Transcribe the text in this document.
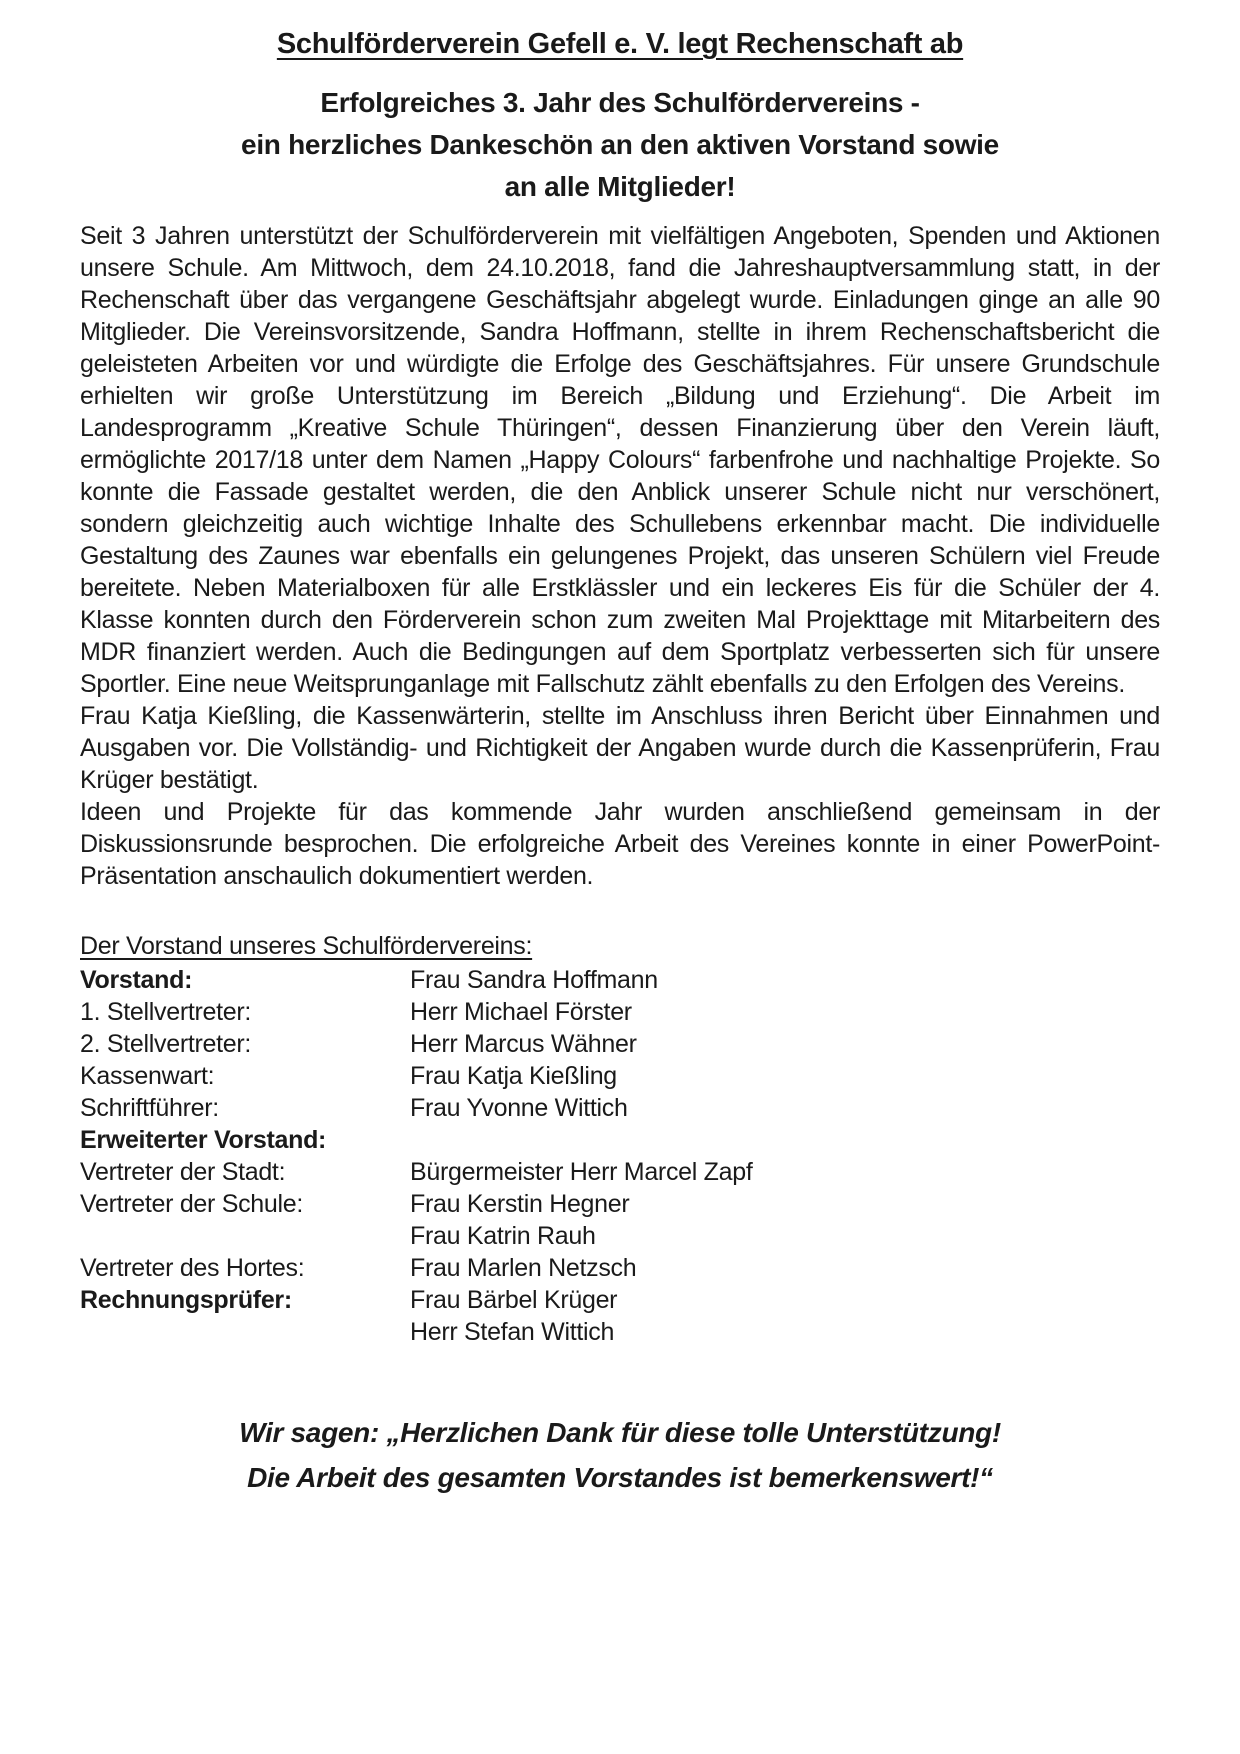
Schulförderverein Gefell e. V. legt Rechenschaft ab
Erfolgreiches 3. Jahr des Schulfördervereins -
ein herzliches Dankeschön an den aktiven Vorstand sowie
an alle Mitglieder!

Seit 3 Jahren unterstützt der Schulförderverein mit vielfältigen Angeboten, Spenden und Aktionen unsere Schule. Am Mittwoch, dem 24.10.2018, fand die Jahreshauptversammlung statt, in der Rechenschaft über das vergangene Geschäftsjahr abgelegt wurde. Einladungen ginge an alle 90 Mitglieder. Die Vereinsvorsitzende, Sandra Hoffmann, stellte in ihrem Rechenschaftsbericht die geleisteten Arbeiten vor und würdigte die Erfolge des Geschäftsjahres. Für unsere Grundschule erhielten wir große Unterstützung im Bereich „Bildung und Erziehung“. Die Arbeit im Landesprogramm „Kreative Schule Thüringen“, dessen Finanzierung über den Verein läuft, ermöglichte 2017/18 unter dem Namen „Happy Colours“ farbenfrohe und nachhaltige Projekte. So konnte die Fassade gestaltet werden, die den Anblick unserer Schule nicht nur verschönert, sondern gleichzeitig auch wichtige Inhalte des Schullebens erkennbar macht. Die individuelle Gestaltung des Zaunes war ebenfalls ein gelungenes Projekt, das unseren Schülern viel Freude bereitete. Neben Materialboxen für alle Erstklässler und ein leckeres Eis für die Schüler der 4. Klasse konnten durch den Förderverein schon zum zweiten Mal Projekttage mit Mitarbeitern des MDR finanziert werden. Auch die Bedingungen auf dem Sportplatz verbesserten sich für unsere Sportler. Eine neue Weitsprunganlage mit Fallschutz zählt ebenfalls zu den Erfolgen des Vereins.

Frau Katja Kießling, die Kassenwärterin, stellte im Anschluss ihren Bericht über Einnahmen und Ausgaben vor. Die Vollständig- und Richtigkeit der Angaben wurde durch die Kassenprüferin, Frau Krüger bestätigt.

Ideen und Projekte für das kommende Jahr wurden anschließend gemeinsam in der Diskussionsrunde besprochen. Die erfolgreiche Arbeit des Vereines konnte in einer PowerPoint-Präsentation anschaulich dokumentiert werden.

Der Vorstand unseres Schulfördervereins:

Vorstand:	Frau Sandra Hoffmann
1. Stellvertreter:	Herr Michael Förster
2. Stellvertreter:	Herr Marcus Wähner
Kassenwart:	Frau Katja Kießling
Schriftführer:	Frau Yvonne Wittich
Erweiterter Vorstand:
Vertreter der Stadt:	Bürgermeister Herr Marcel Zapf
Vertreter der Schule:	Frau Kerstin Hegner
Frau Katrin Rauh
Vertreter des Hortes:	Frau Marlen Netzsch
Rechnungsprüfer:	Frau Bärbel Krüger
Herr Stefan Wittich

Wir sagen: „Herzlichen Dank für diese tolle Unterstützung!
Die Arbeit des gesamten Vorstandes ist bemerkenswert!“
